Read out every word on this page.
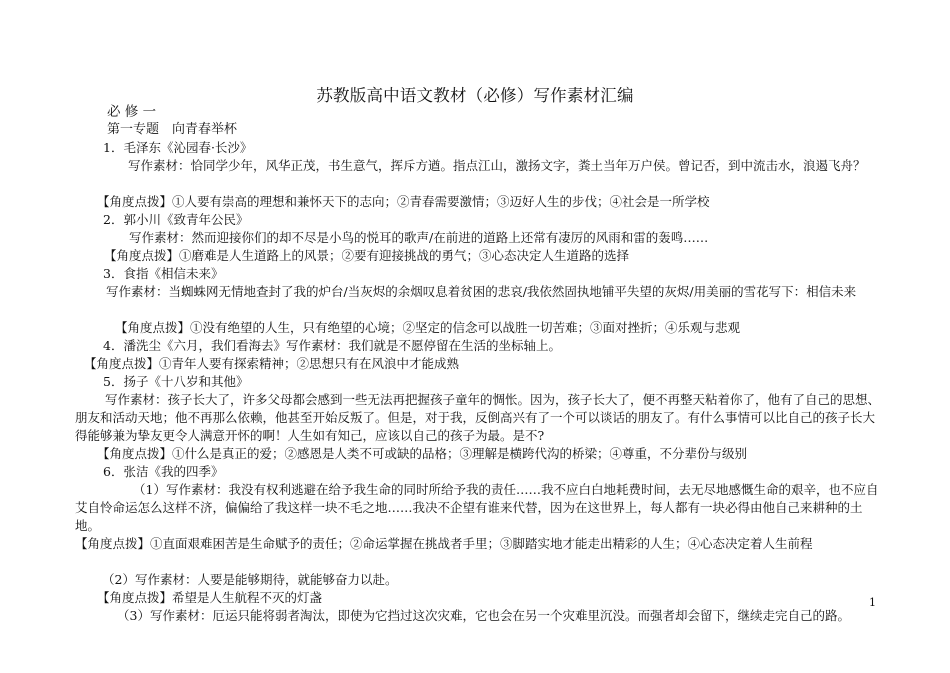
苏教版高中语文教材（必修）写作素材汇编
必 修 一
第一专题　向青春举杯
1．毛泽东《沁园春·长沙》
写作素材：恰同学少年，风华正茂，书生意气，挥斥方遒。指点江山，激扬文字，粪土当年万户侯。曾记否，到中流击水，浪遏飞舟？
【角度点拨】①人要有崇高的理想和兼怀天下的志向；②青春需要激情；③迈好人生的步伐；④社会是一所学校
2．郭小川《致青年公民》
写作素材：然而迎接你们的却不尽是小鸟的悦耳的歌声/在前进的道路上还常有凄厉的风雨和雷的轰鸣……
【角度点拨】①磨难是人生道路上的风景；②要有迎接挑战的勇气；③心态决定人生道路的选择
3．食指《相信未来》
写作素材：当蜘蛛网无情地查封了我的炉台/当灰烬的余烟叹息着贫困的悲哀/我依然固执地铺平失望的灰烬/用美丽的雪花写下：相信未来
【角度点拨】①没有绝望的人生，只有绝望的心境；②坚定的信念可以战胜一切苦难；③面对挫折；④乐观与悲观
4．潘洗尘《六月，我们看海去》写作素材：我们就是不愿停留在生活的坐标轴上。
【角度点拨】①青年人要有探索精神；②思想只有在风浪中才能成熟
5．扬子《十八岁和其他》
写作素材：孩子长大了，许多父母都会感到一些无法再把握孩子童年的惆怅。因为，孩子长大了，便不再整天粘着你了，他有了自己的思想、朋友和活动天地；他不再那么依赖，他甚至开始反叛了。但是，对于我，反倒高兴有了一个可以谈话的朋友了。有什么事情可以比自己的孩子长大得能够兼为挚友更令人满意开怀的啊！人生如有知己，应该以自己的孩子为最。是不?
【角度点拨】①什么是真正的爱；②感恩是人类不可或缺的品格；③理解是横跨代沟的桥梁；④尊重，不分辈份与级别
6．张洁《我的四季》
（1）写作素材：我没有权利逃避在给予我生命的同时所给予我的责任……我不应白白地耗费时间，去无尽地感慨生命的艰辛，也不应自艾自怜命运怎么这样不济，偏偏给了我这样一块不毛之地……我决不企望有谁来代替，因为在这世界上，每人都有一块必得由他自己来耕种的土地。
【角度点拨】①直面艰难困苦是生命赋予的责任；②命运掌握在挑战者手里；③脚踏实地才能走出精彩的人生；④心态决定着人生前程
（2）写作素材：人要是能够期待，就能够奋力以赴。
【角度点拨】希望是人生航程不灭的灯盏
（3）写作素材：厄运只能将弱者淘汰，即使为它挡过这次灾难，它也会在另一个灾难里沉没。而强者却会留下，继续走完自己的路。
1
